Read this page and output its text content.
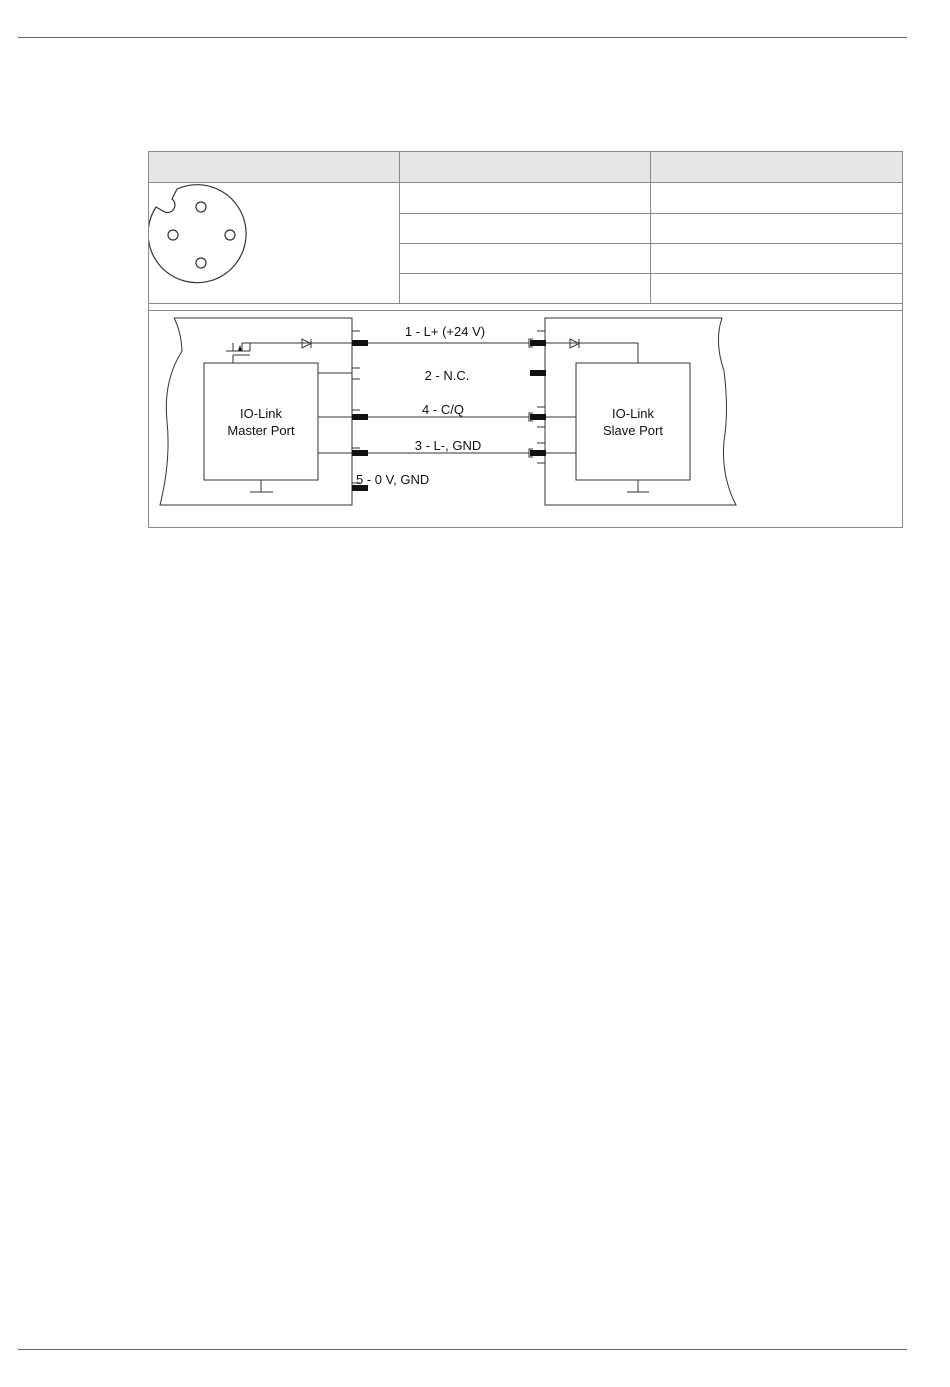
IO-Link
Master Port
IO-Link
Slave Port
1 - L+ (+24 V)
2 - N.C.
4 - C/Q
3 - L-, GND
5 - 0 V, GND
